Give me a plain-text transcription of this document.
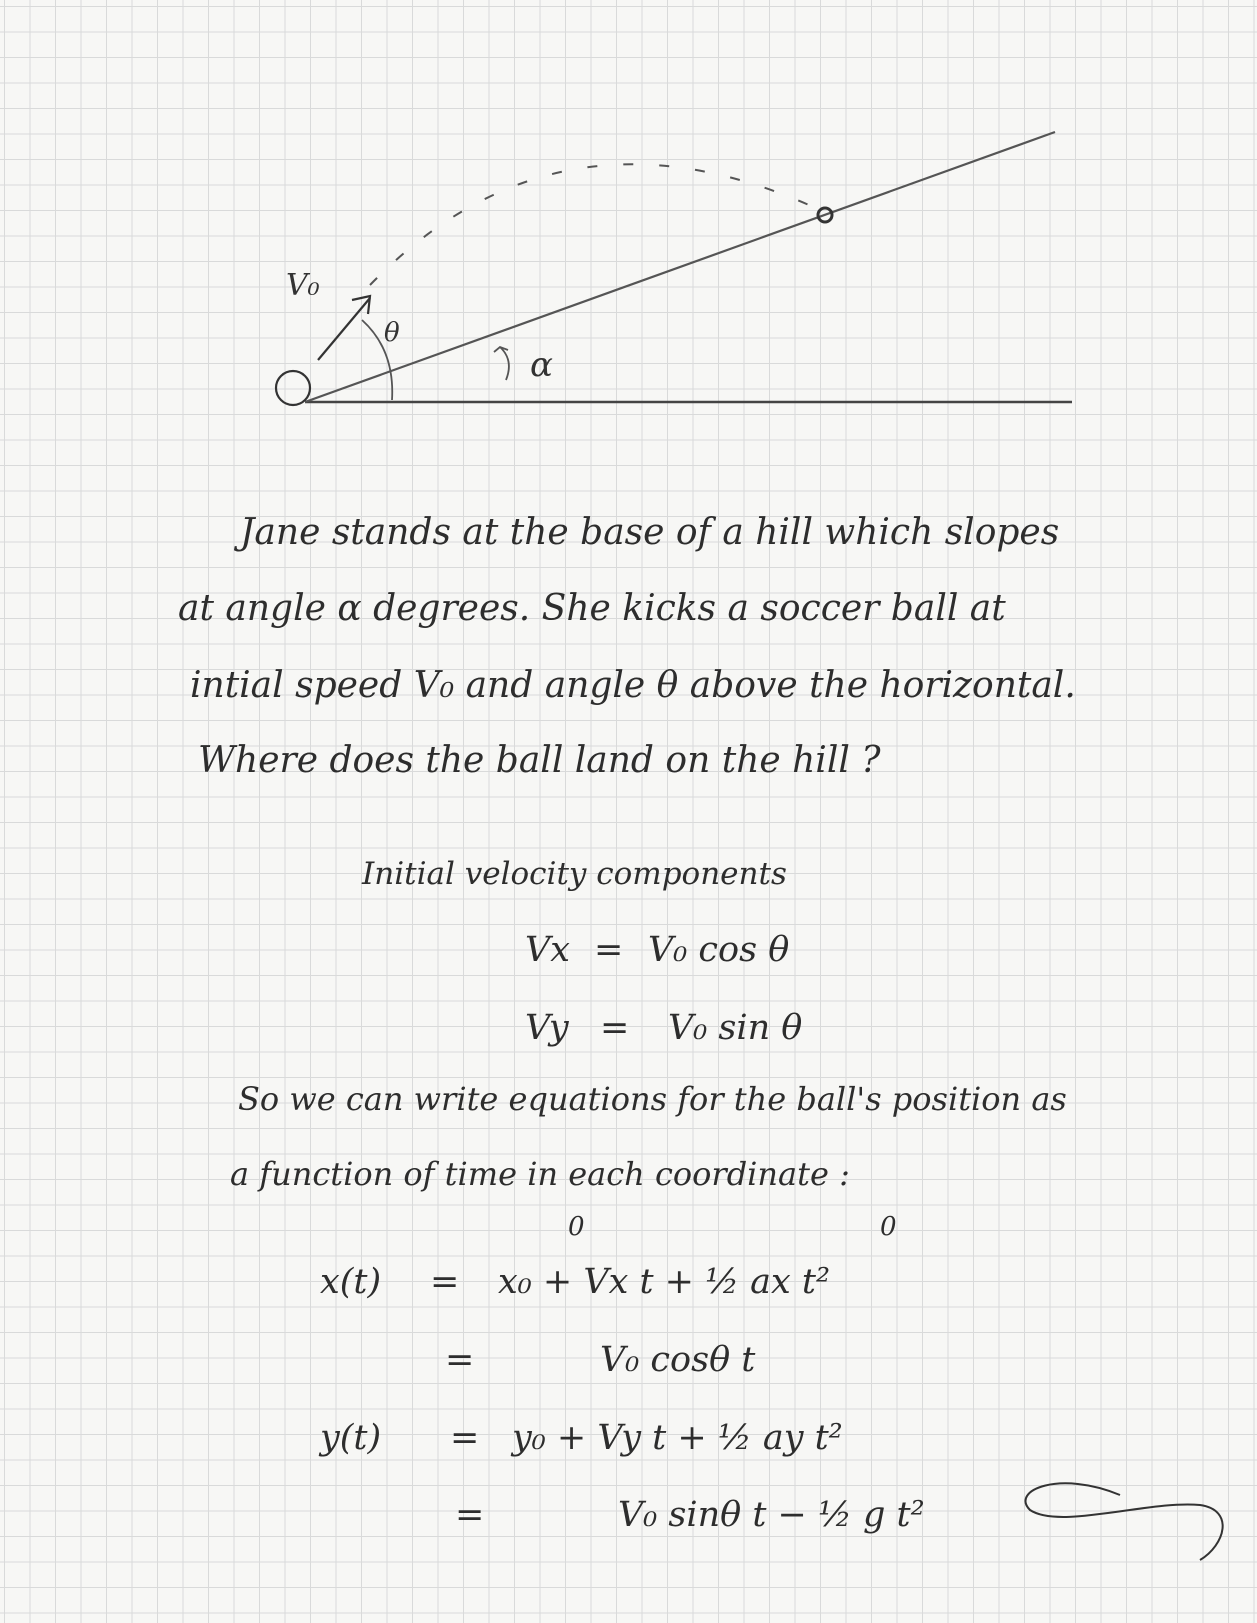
V₀
θ
α
Jane stands at the base of a hill which slopes
at angle α degrees. She kicks a soccer ball at
intial speed V₀ and angle θ above the horizontal.
Where does the ball land on the hill ?
Initial velocity components
Vx = V₀ cos θ
Vy = V₀ sin θ
So we can write equations for the ball's position as
a function of time in each coordinate :
0	0
x(t) = x₀ + Vx t + ½ ax t²
=	V₀ cosθ t
y(t) = y₀ + Vy t + ½ ay t²
=	V₀ sinθ t − ½ g t²
